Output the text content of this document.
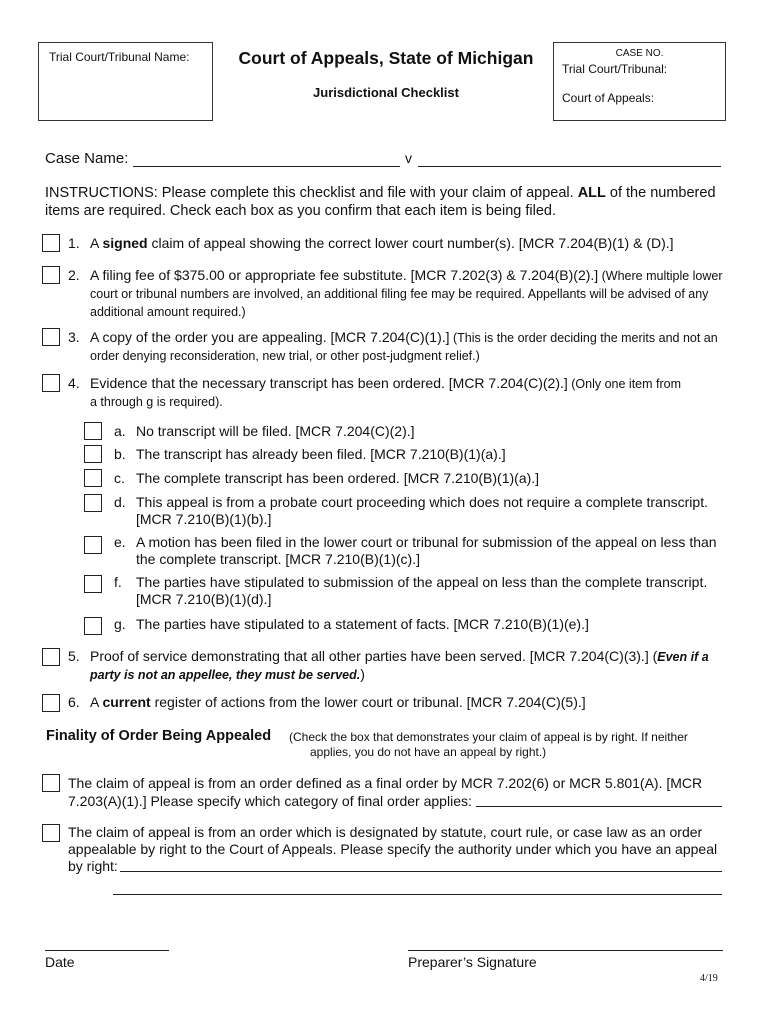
Trial Court/Tribunal Name:	Court of Appeals, State of Michigan
Jurisdictional Checklist
CASE NO.
Trial Court/Tribunal:
Court of Appeals:
Case Name:	v
INSTRUCTIONS: Please complete this checklist and file with your claim of appeal. ALL of the numbered items are required. Check each box as you confirm that each item is being filed.
1. A signed claim of appeal showing the correct lower court number(s). [MCR 7.204(B)(1) & (D).]
2. A filing fee of $375.00 or appropriate fee substitute. [MCR 7.202(3) & 7.204(B)(2).] (Where multiple lower court or tribunal numbers are involved, an additional filing fee may be required. Appellants will be advised of any additional amount required.)
3. A copy of the order you are appealing. [MCR 7.204(C)(1).] (This is the order deciding the merits and not an order denying reconsideration, new trial, or other post-judgment relief.)
4. Evidence that the necessary transcript has been ordered. [MCR 7.204(C)(2).] (Only one item from a through g is required).
a. No transcript will be filed. [MCR 7.204(C)(2).]
b. The transcript has already been filed. [MCR 7.210(B)(1)(a).]
c. The complete transcript has been ordered. [MCR 7.210(B)(1)(a).]
d. This appeal is from a probate court proceeding which does not require a complete transcript. [MCR 7.210(B)(1)(b).]
e. A motion has been filed in the lower court or tribunal for submission of the appeal on less than the complete transcript. [MCR 7.210(B)(1)(c).]
f. The parties have stipulated to submission of the appeal on less than the complete transcript. [MCR 7.210(B)(1)(d).]
g. The parties have stipulated to a statement of facts. [MCR 7.210(B)(1)(e).]
5. Proof of service demonstrating that all other parties have been served. [MCR 7.204(C)(3).] (Even if a party is not an appellee, they must be served.)
6. A current register of actions from the lower court or tribunal. [MCR 7.204(C)(5).]
Finality of Order Being Appealed (Check the box that demonstrates your claim of appeal is by right. If neither
applies, you do not have an appeal by right.)
The claim of appeal is from an order defined as a final order by MCR 7.202(6) or MCR 5.801(A). [MCR
7.203(A)(1).] Please specify which category of final order applies:
The claim of appeal is from an order which is designated by statute, court rule, or case law as an order
appealable by right to the Court of Appeals. Please specify the authority under which you have an appeal
by right:
Date	Preparer’s Signature
4/19
